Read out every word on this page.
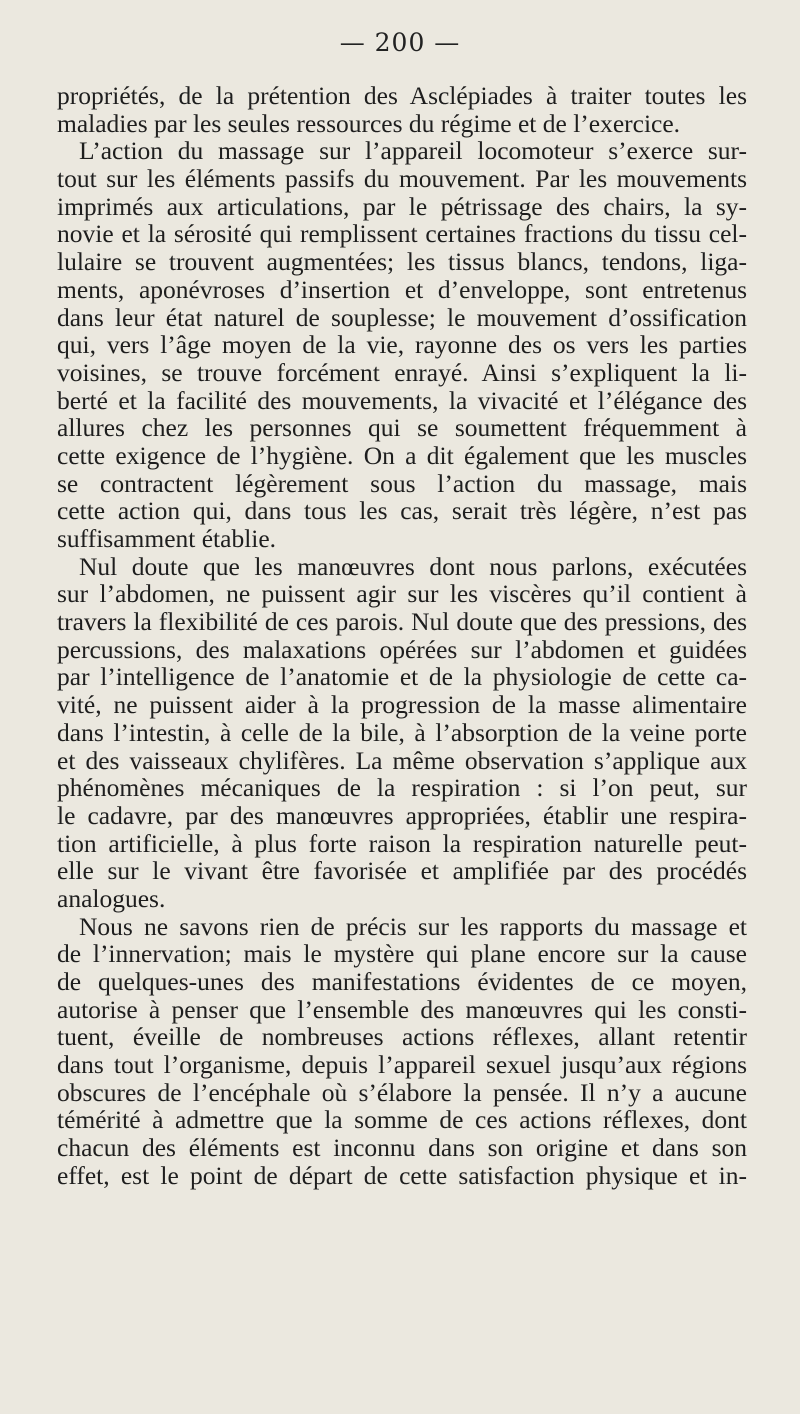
— 200 —
propriétés, de la prétention des Asclépiades à traiter toutes les
maladies par les seules ressources du régime et de l’exercice.
L’action du massage sur l’appareil locomoteur s’exerce sur-
tout sur les éléments passifs du mouvement. Par les mouvements
imprimés aux articulations, par le pétrissage des chairs, la sy-
novie et la sérosité qui remplissent certaines fractions du tissu cel-
lulaire se trouvent augmentées; les tissus blancs, tendons, liga-
ments, aponévroses d’insertion et d’enveloppe, sont entretenus
dans leur état naturel de souplesse; le mouvement d’ossification
qui, vers l’âge moyen de la vie, rayonne des os vers les parties
voisines, se trouve forcément enrayé. Ainsi s’expliquent la li-
berté et la facilité des mouvements, la vivacité et l’élégance des
allures chez les personnes qui se soumettent fréquemment à
cette exigence de l’hygiène. On a dit également que les muscles
se contractent légèrement sous l’action du massage, mais
cette action qui, dans tous les cas, serait très légère, n’est pas
suffisamment établie.
Nul doute que les manœuvres dont nous parlons, exécutées
sur l’abdomen, ne puissent agir sur les viscères qu’il contient à
travers la flexibilité de ces parois. Nul doute que des pressions, des
percussions, des malaxations opérées sur l’abdomen et guidées
par l’intelligence de l’anatomie et de la physiologie de cette ca-
vité, ne puissent aider à la progression de la masse alimentaire
dans l’intestin, à celle de la bile, à l’absorption de la veine porte
et des vaisseaux chylifères. La même observation s’applique aux
phénomènes mécaniques de la respiration : si l’on peut, sur
le cadavre, par des manœuvres appropriées, établir une respira-
tion artificielle, à plus forte raison la respiration naturelle peut-
elle sur le vivant être favorisée et amplifiée par des procédés
analogues.
Nous ne savons rien de précis sur les rapports du massage et
de l’innervation; mais le mystère qui plane encore sur la cause
de quelques-unes des manifestations évidentes de ce moyen,
autorise à penser que l’ensemble des manœuvres qui les consti-
tuent, éveille de nombreuses actions réflexes, allant retentir
dans tout l’organisme, depuis l’appareil sexuel jusqu’aux régions
obscures de l’encéphale où s’élabore la pensée. Il n’y a aucune
témérité à admettre que la somme de ces actions réflexes, dont
chacun des éléments est inconnu dans son origine et dans son
effet, est le point de départ de cette satisfaction physique et in-
